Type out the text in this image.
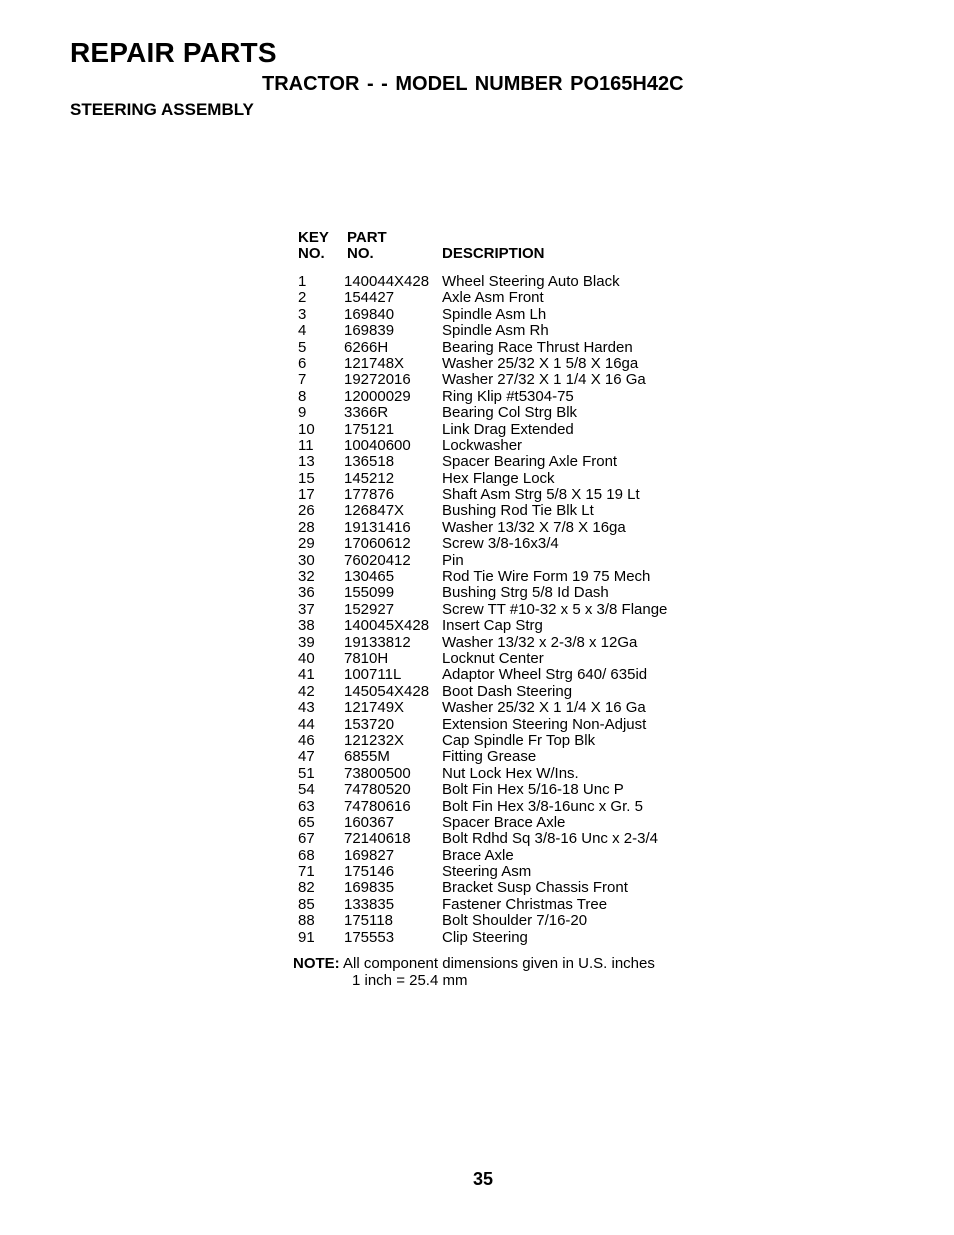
REPAIR PARTS
TRACTOR - - MODEL NUMBER PO165H42C
STEERING ASSEMBLY
KEY
NO.
PART
NO.	DESCRIPTION
1	140044X428 Wheel Steering Auto Black
2	154427	Axle Asm Front
3	169840	Spindle Asm Lh
4	169839	Spindle Asm Rh
5	6266H	Bearing Race Thrust Harden
6	121748X	Washer 25/32 X 1 5/8 X 16ga
7	19272016 Washer 27/32 X 1 1/4 X 16 Ga
8	12000029 Ring Klip #t5304-75
9	3366R	Bearing Col Strg Blk
10 175121	Link Drag Extended
11 10040600 Lockwasher
13 136518	Spacer Bearing Axle Front
15 145212	Hex Flange Lock
17 177876	Shaft Asm Strg 5/8 X 15 19 Lt
26 126847X	Bushing Rod Tie Blk Lt
28 19131416 Washer 13/32 X 7/8 X 16ga
29 17060612 Screw 3/8-16x3/4
30 76020412 Pin
32 130465	Rod Tie Wire Form 19 75 Mech
36 155099	Bushing Strg 5/8 Id Dash
37 152927	Screw TT #10-32 x 5 x 3/8 Flange
38 140045X428 Insert Cap Strg
39 19133812 Washer 13/32 x 2-3/8 x 12Ga
40 7810H	Locknut Center
41 100711L	Adaptor Wheel Strg 640/ 635id
42 145054X428 Boot Dash Steering
43 121749X	Washer 25/32 X 1 1/4 X 16 Ga
44 153720	Extension Steering Non-Adjust
46 121232X	Cap Spindle Fr Top Blk
47 6855M	Fitting Grease
51 73800500 Nut Lock Hex W/Ins.
54 74780520 Bolt Fin Hex 5/16-18 Unc P
63 74780616 Bolt Fin Hex 3/8-16unc x Gr. 5
65 160367	Spacer Brace Axle
67 72140618 Bolt Rdhd Sq 3/8-16 Unc x 2-3/4
68 169827	Brace Axle
71 175146	Steering Asm
82 169835	Bracket Susp Chassis Front
85 133835	Fastener Christmas Tree
88 175118	Bolt Shoulder 7/16-20
91 175553	Clip Steering
NOTE: All component dimensions given in U.S. inches
1 inch = 25.4 mm
35
